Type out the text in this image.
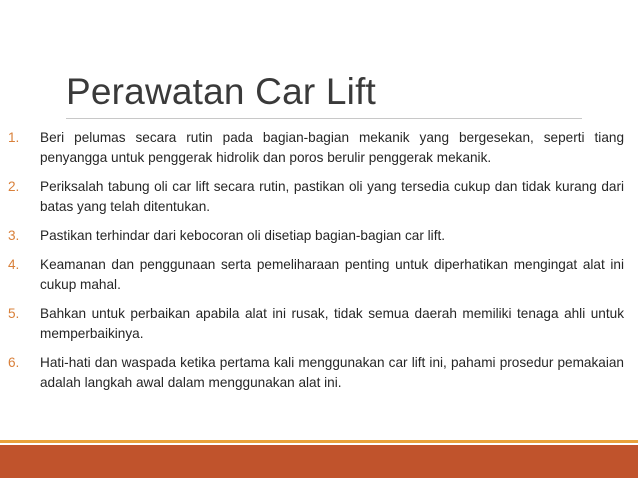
Perawatan Car Lift
1. Beri pelumas secara rutin pada bagian-bagian mekanik yang bergesekan, seperti tiang penyangga untuk penggerak hidrolik dan poros berulir penggerak mekanik.
2. Periksalah tabung oli car lift secara rutin, pastikan oli yang tersedia cukup dan tidak kurang dari batas yang telah ditentukan.
3. Pastikan terhindar dari kebocoran oli disetiap bagian-bagian car lift.
4. Keamanan dan penggunaan serta pemeliharaan penting untuk diperhatikan mengingat alat ini cukup mahal.
5. Bahkan untuk perbaikan apabila alat ini rusak, tidak semua daerah memiliki tenaga ahli untuk memperbaikinya.
6. Hati-hati dan waspada ketika pertama kali menggunakan car lift ini, pahami prosedur pemakaian adalah langkah awal dalam menggunakan alat ini.
